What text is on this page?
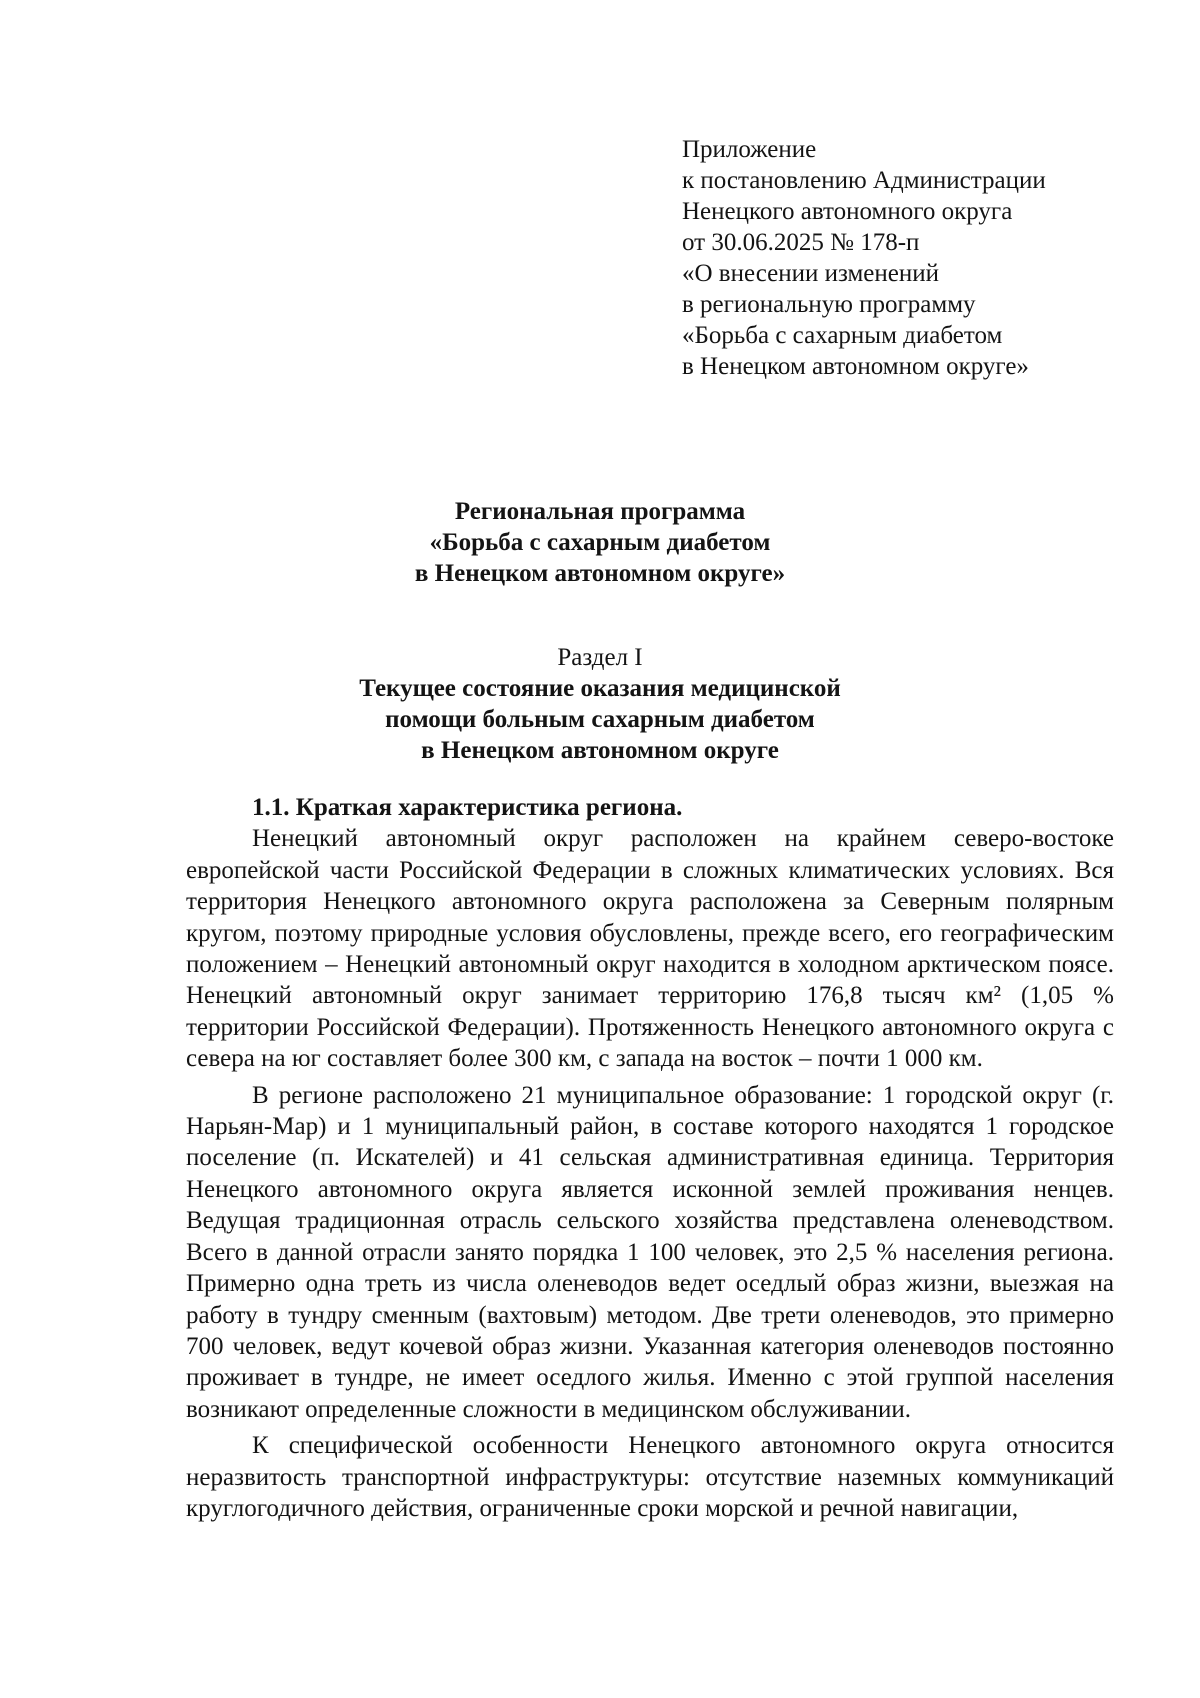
Приложение
к постановлению Администрации
Ненецкого автономного округа
от 30.06.2025 № 178-п
«О внесении изменений
в региональную программу
«Борьба с сахарным диабетом
в Ненецком автономном округе»
Региональная программа
«Борьба с сахарным диабетом
в Ненецком автономном округе»
Раздел I
Текущее состояние оказания медицинской
помощи больным сахарным диабетом
в Ненецком автономном округе
1.1. Краткая характеристика региона.

Ненецкий автономный округ расположен на крайнем северо-востоке европейской части Российской Федерации в сложных климатических условиях. Вся территория Ненецкого автономного округа расположена за Северным полярным кругом, поэтому природные условия обусловлены, прежде всего, его географическим положением – Ненецкий автономный округ находится в холодном арктическом поясе. Ненецкий автономный округ занимает территорию 176,8 тысяч км² (1,05 % территории Российской Федерации). Протяженность Ненецкого автономного округа с севера на юг составляет более 300 км, с запада на восток – почти 1 000 км.

В регионе расположено 21 муниципальное образование: 1 городской округ (г. Нарьян-Мар) и 1 муниципальный район, в составе которого находятся 1 городское поселение (п. Искателей) и 41 сельская административная единица. Территория Ненецкого автономного округа является исконной землей проживания ненцев. Ведущая традиционная отрасль сельского хозяйства представлена оленеводством. Всего в данной отрасли занято порядка 1 100 человек, это 2,5 % населения региона. Примерно одна треть из числа оленеводов ведет оседлый образ жизни, выезжая на работу в тундру сменным (вахтовым) методом. Две трети оленеводов, это примерно 700 человек, ведут кочевой образ жизни. Указанная категория оленеводов постоянно проживает в тундре, не имеет оседлого жилья. Именно с этой группой населения возникают определенные сложности в медицинском обслуживании.

К специфической особенности Ненецкого автономного округа относится неразвитость транспортной инфраструктуры: отсутствие наземных коммуникаций круглогодичного действия, ограниченные сроки морской и речной навигации,
